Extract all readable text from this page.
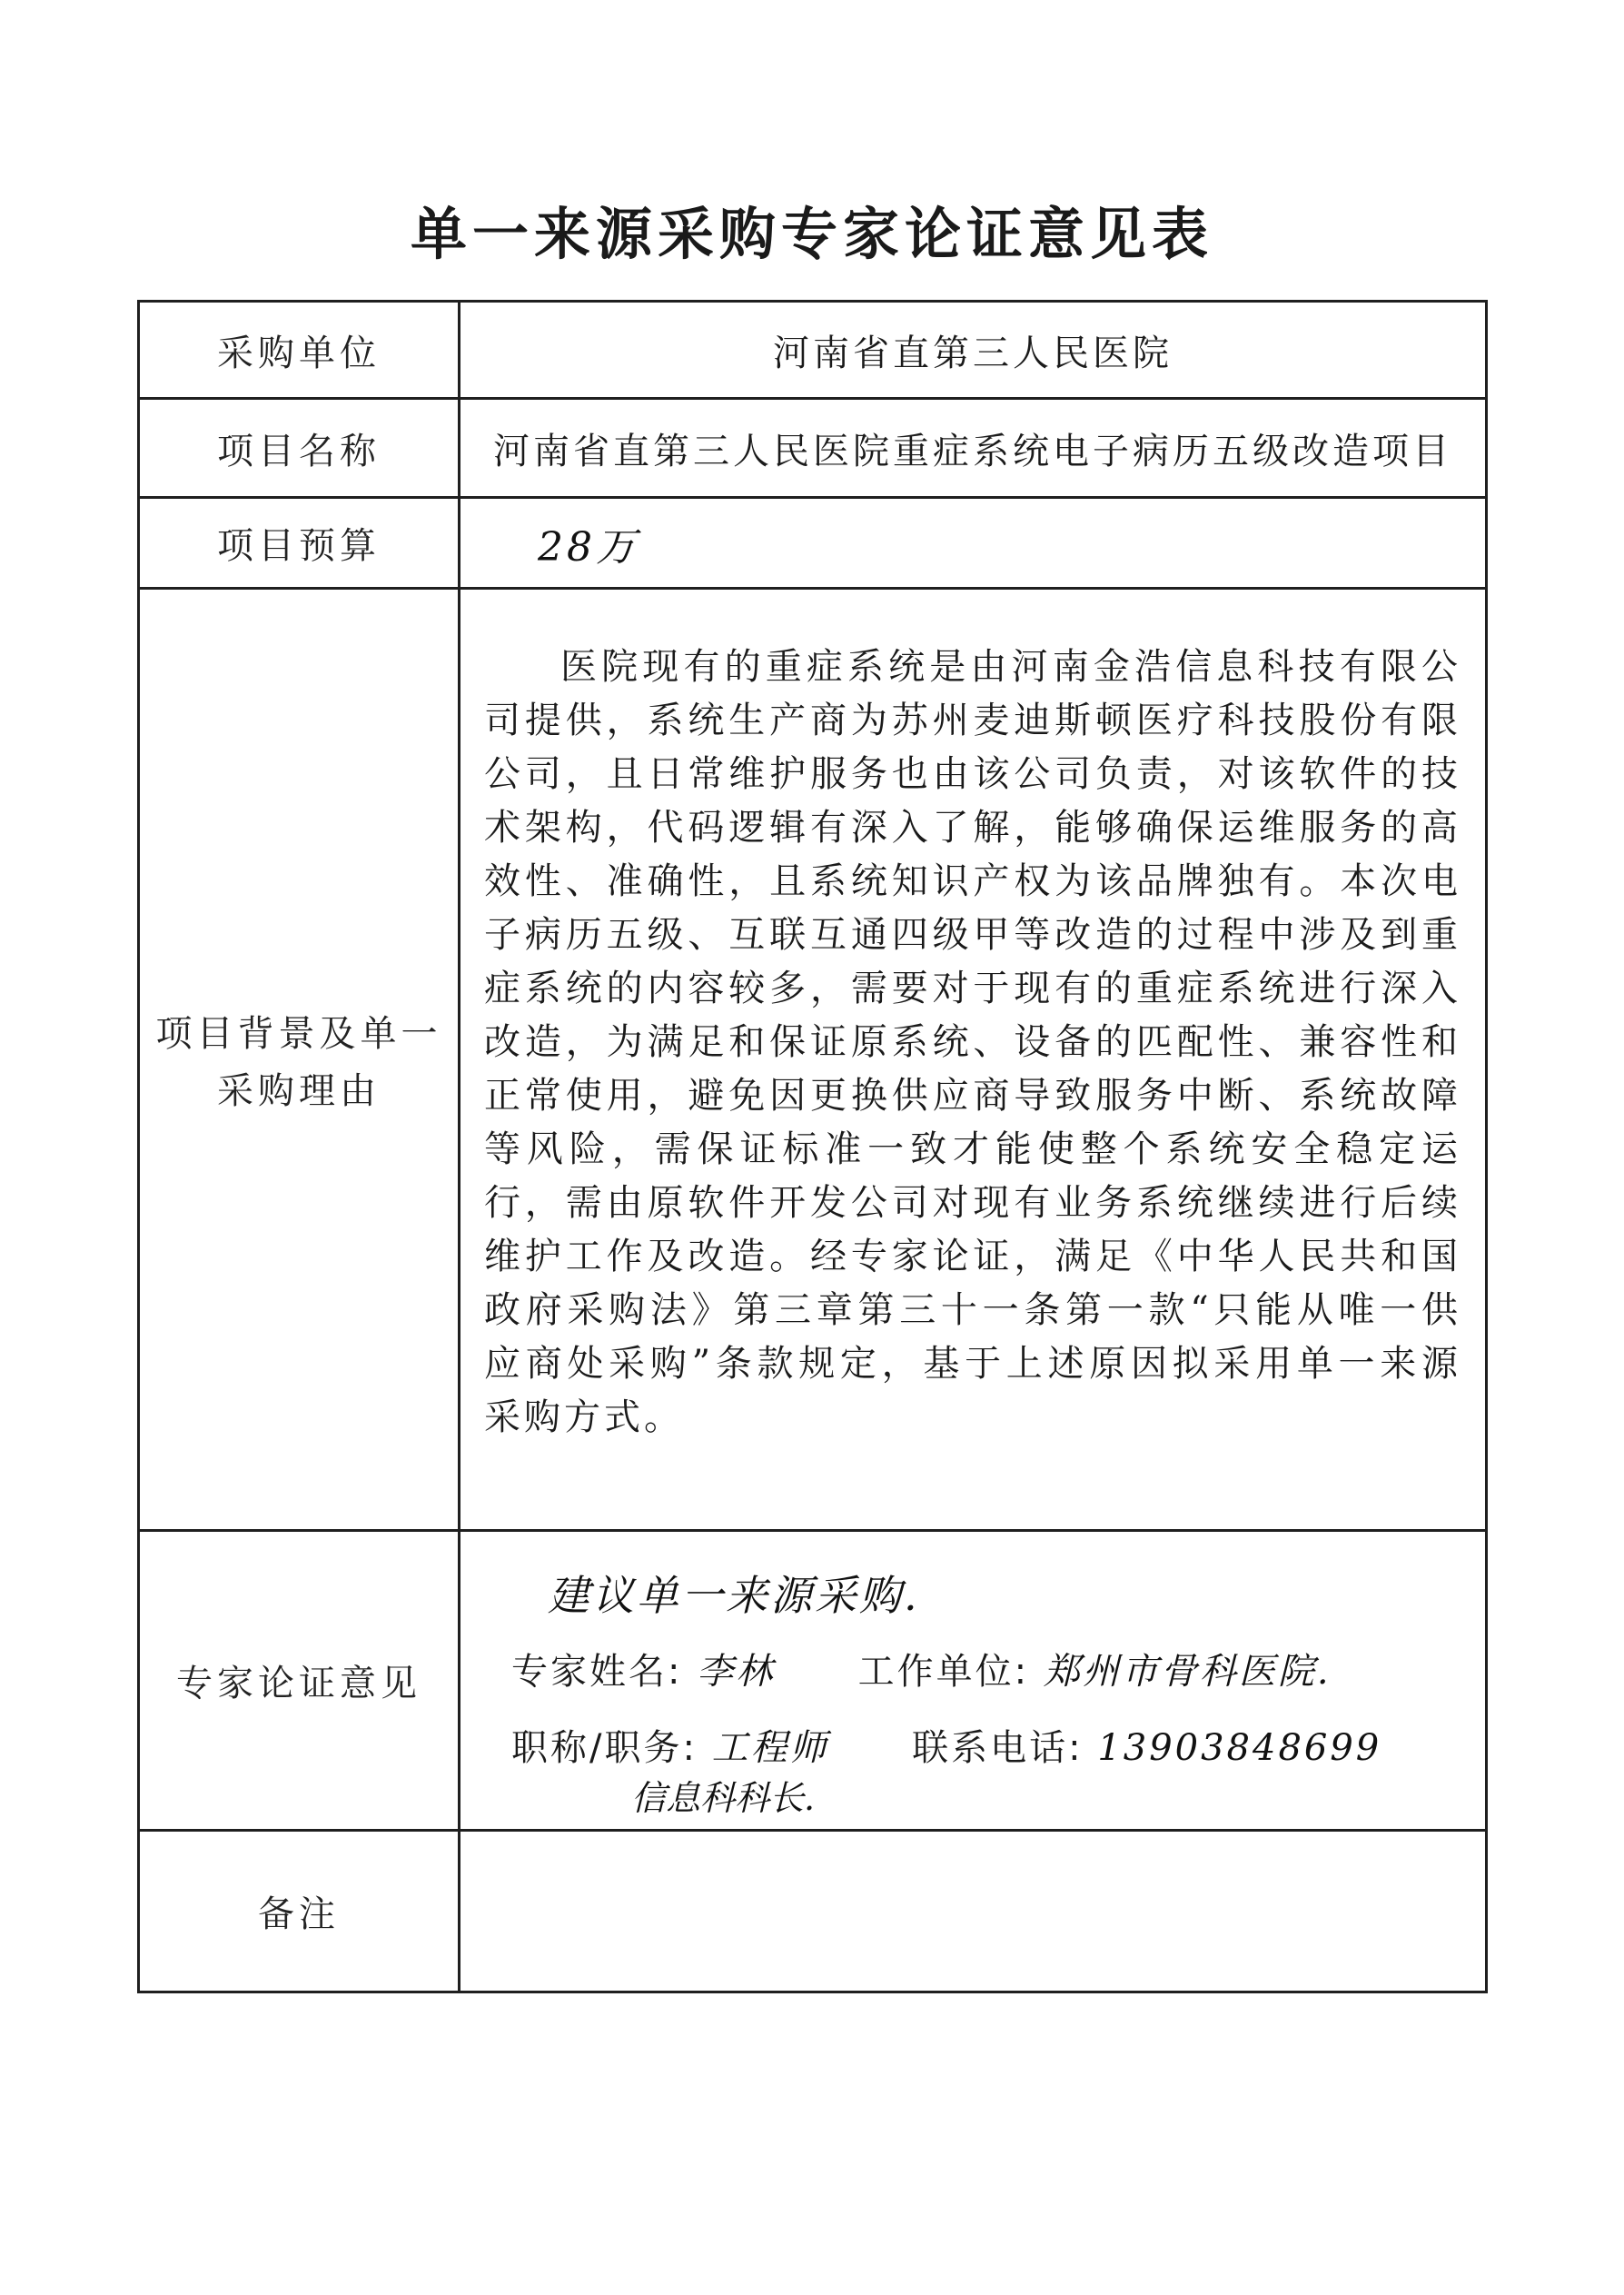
单一来源采购专家论证意见表
采购单位	河南省直第三人民医院
项目名称	河南省直第三人民医院重症系统电子病历五级改造项目
项目预算	28万

项目背景及单一
采购理由	医院现有的重症系统是由河南金浩信息科技有限公司提供，系统生产商为苏州麦迪斯顿医疗科技股份有限公司，且日常维护服务也由该公司负责，对该软件的技术架构，代码逻辑有深入了解，能够确保运维服务的高效性、准确性，且系统知识产权为该品牌独有。本次电子病历五级、互联互通四级甲等改造的过程中涉及到重症系统的内容较多，需要对于现有的重症系统进行深入改造，为满足和保证原系统、设备的匹配性、兼容性和正常使用，避免因更换供应商导致服务中断、系统故障等风险，需保证标准一致才能使整个系统安全稳定运行，需由原软件开发公司对现有业务系统继续进行后续维护工作及改造。经专家论证，满足《中华人民共和国政府采购法》第三章第三十一条第一款“只能从唯一供应商处采购”条款规定，基于上述原因拟采用单一来源采购方式。
专家论证意见	建议单一来源采购.
专家姓名: 李林 工作单位: 郑州市骨科医院.
职称/职务: 工程师 联系电话: 13903848699
信息科科长.

备注	
